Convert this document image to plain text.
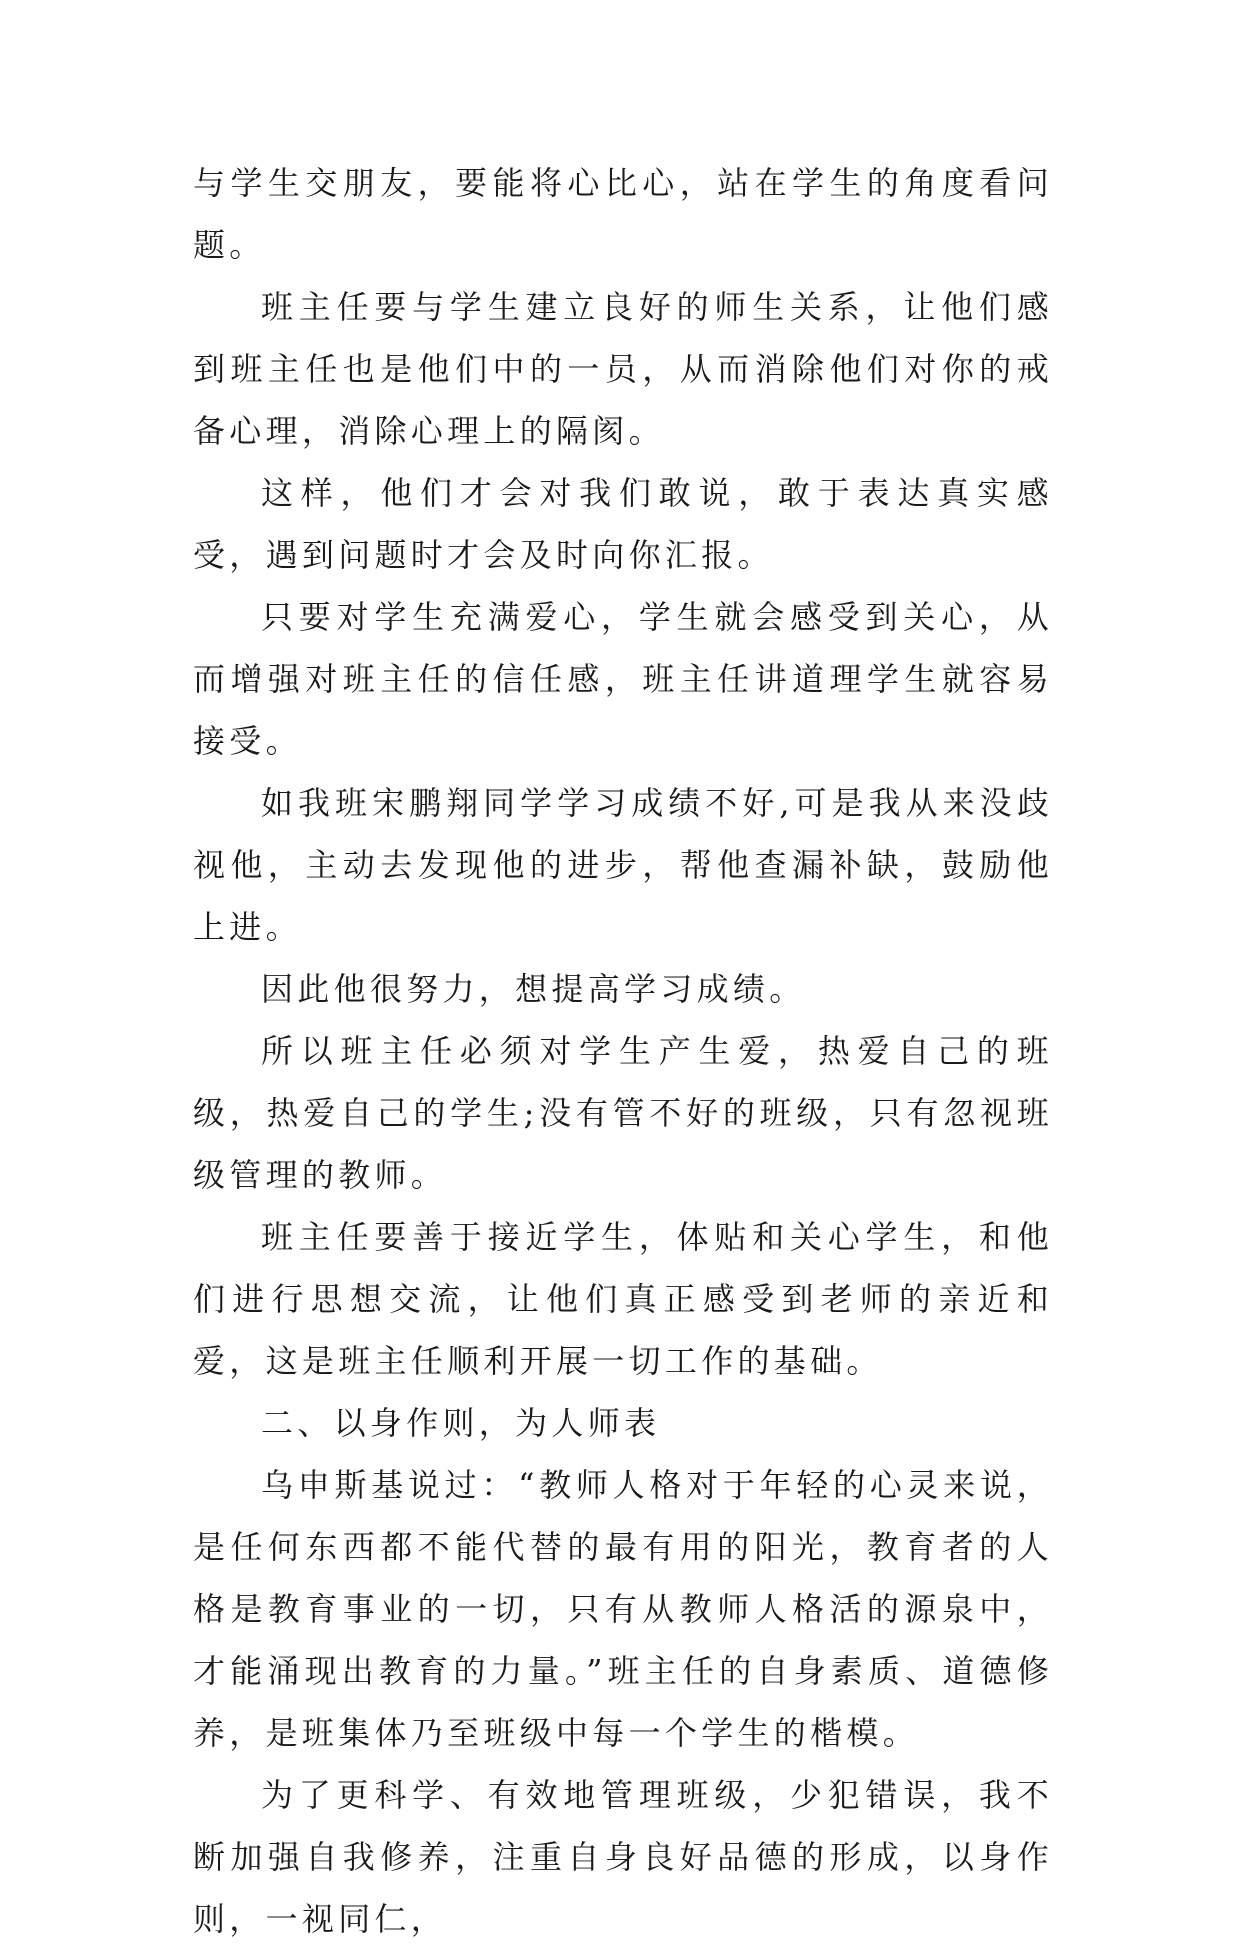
与学生交朋友，要能将心比心，站在学生的角度看问题。

班主任要与学生建立良好的师生关系，让他们感到班主任也是他们中的一员，从而消除他们对你的戒备心理，消除心理上的隔阂。

这样，他们才会对我们敢说，敢于表达真实感受，遇到问题时才会及时向你汇报。

只要对学生充满爱心，学生就会感受到关心，从而增强对班主任的信任感，班主任讲道理学生就容易接受。

如我班宋鹏翔同学学习成绩不好,可是我从来没歧视他，主动去发现他的进步，帮他查漏补缺，鼓励他上进。

因此他很努力，想提高学习成绩。

所以班主任必须对学生产生爱，热爱自己的班级，热爱自己的学生;没有管不好的班级，只有忽视班级管理的教师。

班主任要善于接近学生，体贴和关心学生，和他们进行思想交流，让他们真正感受到老师的亲近和爱，这是班主任顺利开展一切工作的基础。

二、以身作则，为人师表

乌申斯基说过：“教师人格对于年轻的心灵来说，是任何东西都不能代替的最有用的阳光，教育者的人格是教育事业的一切，只有从教师人格活的源泉中，才能涌现出教育的力量。”班主任的自身素质、道德修养，是班集体乃至班级中每一个学生的楷模。

为了更科学、有效地管理班级，少犯错误，我不断加强自我修养，注重自身良好品德的形成，以身作则，一视同仁，
